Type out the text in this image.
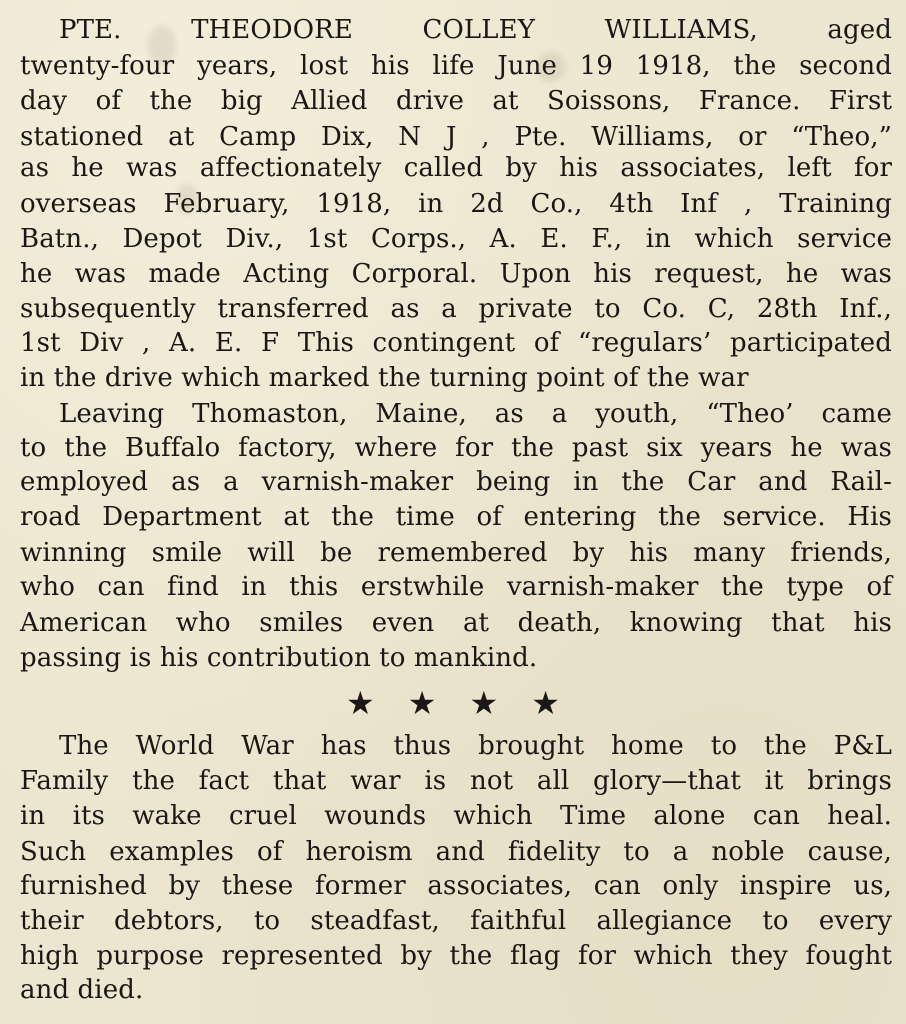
PTE. THEODORE COLLEY WILLIAMS, aged
twenty-four years, lost his life June 19 1918, the second
day of the big Allied drive at Soissons, France. First
stationed at Camp Dix, N J , Pte. Williams, or “Theo,”
as he was affectionately called by his associates, left for
overseas February, 1918, in 2d Co., 4th Inf , Training
Batn., Depot Div., 1st Corps., A. E. F., in which service
he was made Acting Corporal. Upon his request, he was
subsequently transferred as a private to Co. C, 28th Inf.,
1st Div , A. E. F This contingent of “regulars’ participated
in the drive which marked the turning point of the war
Leaving Thomaston, Maine, as a youth, “Theo’ came
to the Buffalo factory, where for the past six years he was
employed as a varnish-maker being in the Car and Rail-
road Department at the time of entering the service. His
winning smile will be remembered by his many friends,
who can find in this erstwhile varnish-maker the type of
American who smiles even at death, knowing that his
passing is his contribution to mankind.
★ ★ ★ ★
The World War has thus brought home to the P&L
Family the fact that war is not all glory—that it brings
in its wake cruel wounds which Time alone can heal.
Such examples of heroism and fidelity to a noble cause,
furnished by these former associates, can only inspire us,
their debtors, to steadfast, faithful allegiance to every
high purpose represented by the flag for which they fought
and died.
